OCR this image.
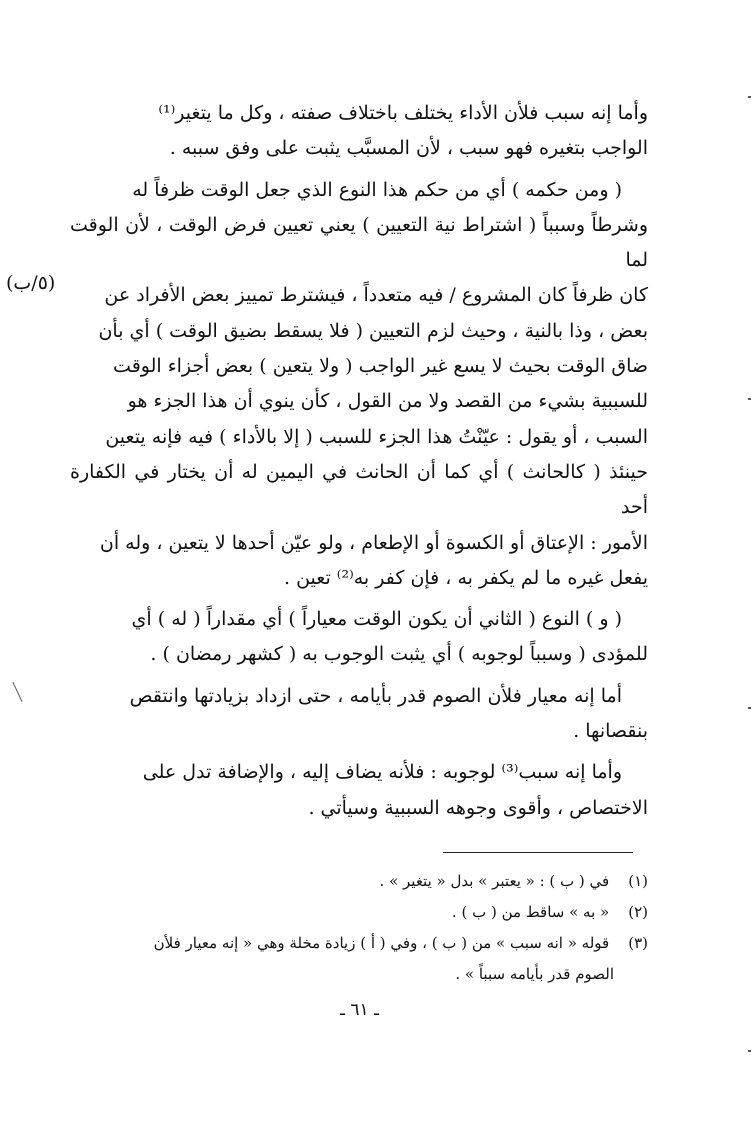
وأما إنه سبب فلأن الأداء يختلف باختلاف صفته ، وكل ما يتغير⁽¹⁾
الواجب بتغيره فهو سبب ، لأن المسبَّب يثبت على وفق سببه .

( ومن حكمه ) أي من حكم هذا النوع الذي جعل الوقت ظرفاً له
وشرطاً وسبباً ( اشتراط نية التعيين ) يعني تعيين فرض الوقت ، لأن الوقت لما
كان ظرفاً كان المشروع / فيه متعدداً ، فيشترط تمييز بعض الأفراد عن
بعض ، وذا بالنية ، وحيث لزم التعيين ( فلا يسقط بضيق الوقت ) أي بأن
ضاق الوقت بحيث لا يسع غير الواجب ( ولا يتعين ) بعض أجزاء الوقت
للسببية بشيء من القصد ولا من القول ، كأن ينوي أن هذا الجزء هو
السبب ، أو يقول : عيّنْتُ هذا الجزء للسبب ( إلا بالأداء ) فيه فإنه يتعين
حينئذ ( كالحانث ) أي كما أن الحانث في اليمين له أن يختار في الكفارة أحد
الأمور : الإعتاق أو الكسوة أو الإطعام ، ولو عيّن أحدها لا يتعين ، وله أن
يفعل غيره ما لم يكفر به ، فإن كفر به⁽²⁾ تعين .

( و ) النوع ( الثاني أن يكون الوقت معياراً ) أي مقداراً ( له ) أي
للمؤدى ( وسبباً لوجوبه ) أي يثبت الوجوب به ( كشهر رمضان ) .

أما إنه معيار فلأن الصوم قدر بأيامه ، حتى ازداد بزيادتها وانتقص
بنقصانها .

وأما إنه سبب⁽³⁾ لوجوبه : فلأنه يضاف إليه ، والإضافة تدل على
الاختصاص ، وأقوى وجوهه السببية وسيأتي .

(٥/ب)

(١) في ( ب ) : « يعتبر » بدل « يتغير » .

(٢) « به » ساقط من ( ب ) .

(٣) قوله « انه سبب » من ( ب ) ، وفي ( أ ) زيادة مخلة وهي « إنه معيار فلأن

الصوم قدر بأيامه سبباً » .

ـ ٦١ ـ
